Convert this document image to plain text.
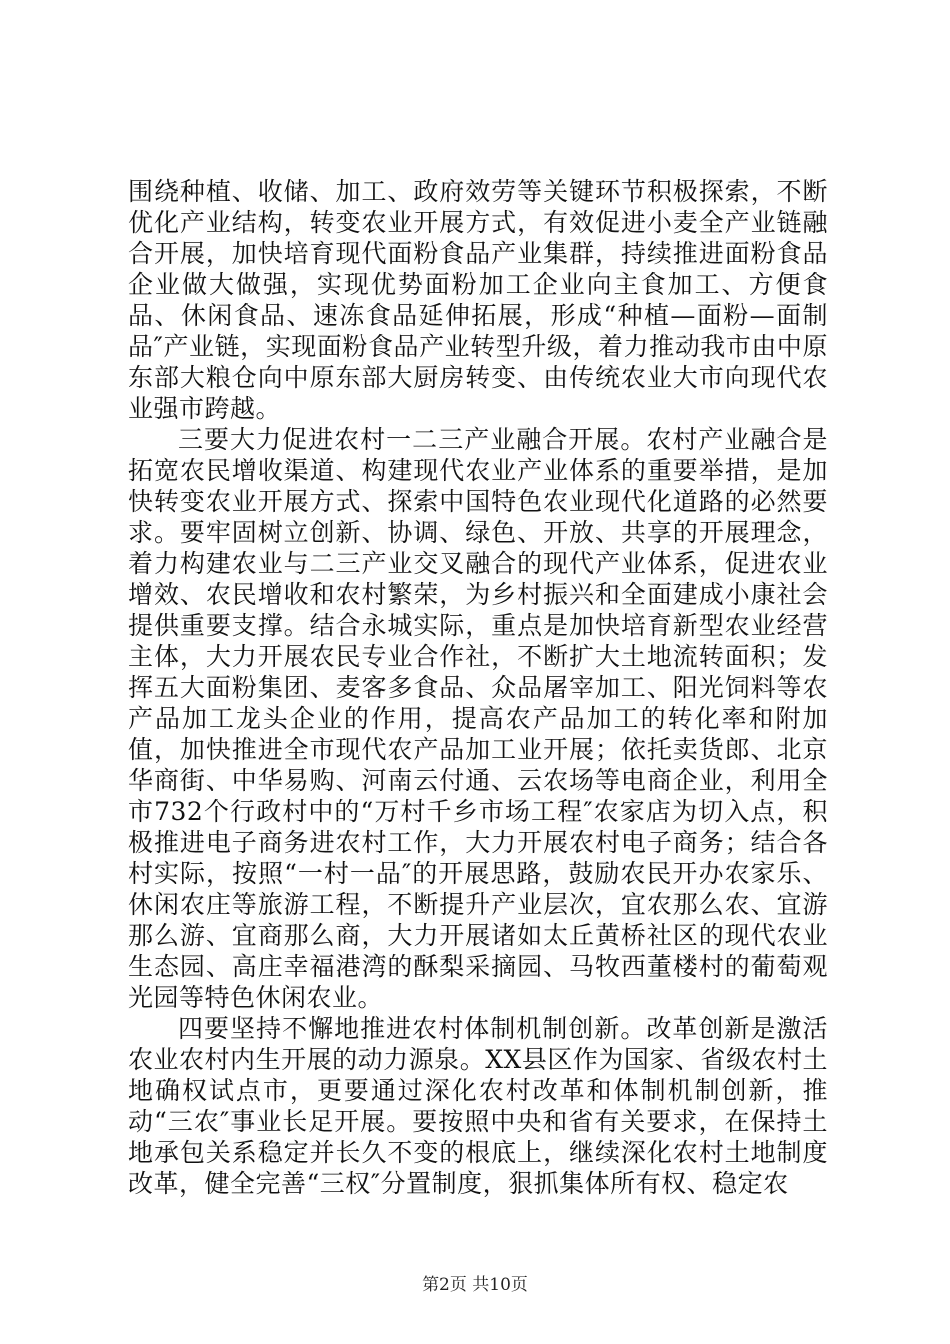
围绕种植、收储、加工、政府效劳等关键环节积极探索，不断优化产业结构，转变农业开展方式，有效促进小麦全产业链融合开展，加快培育现代面粉食品产业集群，持续推进面粉食品企业做大做强，实现优势面粉加工企业向主食加工、方便食品、休闲食品、速冻食品延伸拓展，形成“种植—面粉—面制品″产业链，实现面粉食品产业转型升级，着力推动我市由中原东部大粮仓向中原东部大厨房转变、由传统农业大市向现代农业强市跨越。

三要大力促进农村一二三产业融合开展。农村产业融合是拓宽农民增收渠道、构建现代农业产业体系的重要举措，是加快转变农业开展方式、探索中国特色农业现代化道路的必然要求。要牢固树立创新、协调、绿色、开放、共享的开展理念，着力构建农业与二三产业交叉融合的现代产业体系，促进农业增效、农民增收和农村繁荣，为乡村振兴和全面建成小康社会提供重要支撑。结合永城实际，重点是加快培育新型农业经营主体，大力开展农民专业合作社，不断扩大土地流转面积；发挥五大面粉集团、麦客多食品、众品屠宰加工、阳光饲料等农产品加工龙头企业的作用，提高农产品加工的转化率和附加值，加快推进全市现代农产品加工业开展；依托卖货郎、北京华商街、中华易购、河南云付通、云农场等电商企业，利用全市732个行政村中的“万村千乡市场工程″农家店为切入点，积极推进电子商务进农村工作，大力开展农村电子商务；结合各村实际，按照“一村一品″的开展思路，鼓励农民开办农家乐、休闲农庄等旅游工程，不断提升产业层次，宜农那么农、宜游那么游、宜商那么商，大力开展诸如太丘黄桥社区的现代农业生态园、高庄幸福港湾的酥梨采摘园、马牧西董楼村的葡萄观光园等特色休闲农业。

四要坚持不懈地推进农村体制机制创新。改革创新是激活农业农村内生开展的动力源泉。XX县区作为国家、省级农村土地确权试点市，更要通过深化农村改革和体制机制创新，推动“三农″事业长足开展。要按照中央和省有关要求，在保持土地承包关系稳定并长久不变的根底上，继续深化农村土地制度改革，健全完善“三权″分置制度，狠抓集体所有权、稳定农

第2页 共10页
